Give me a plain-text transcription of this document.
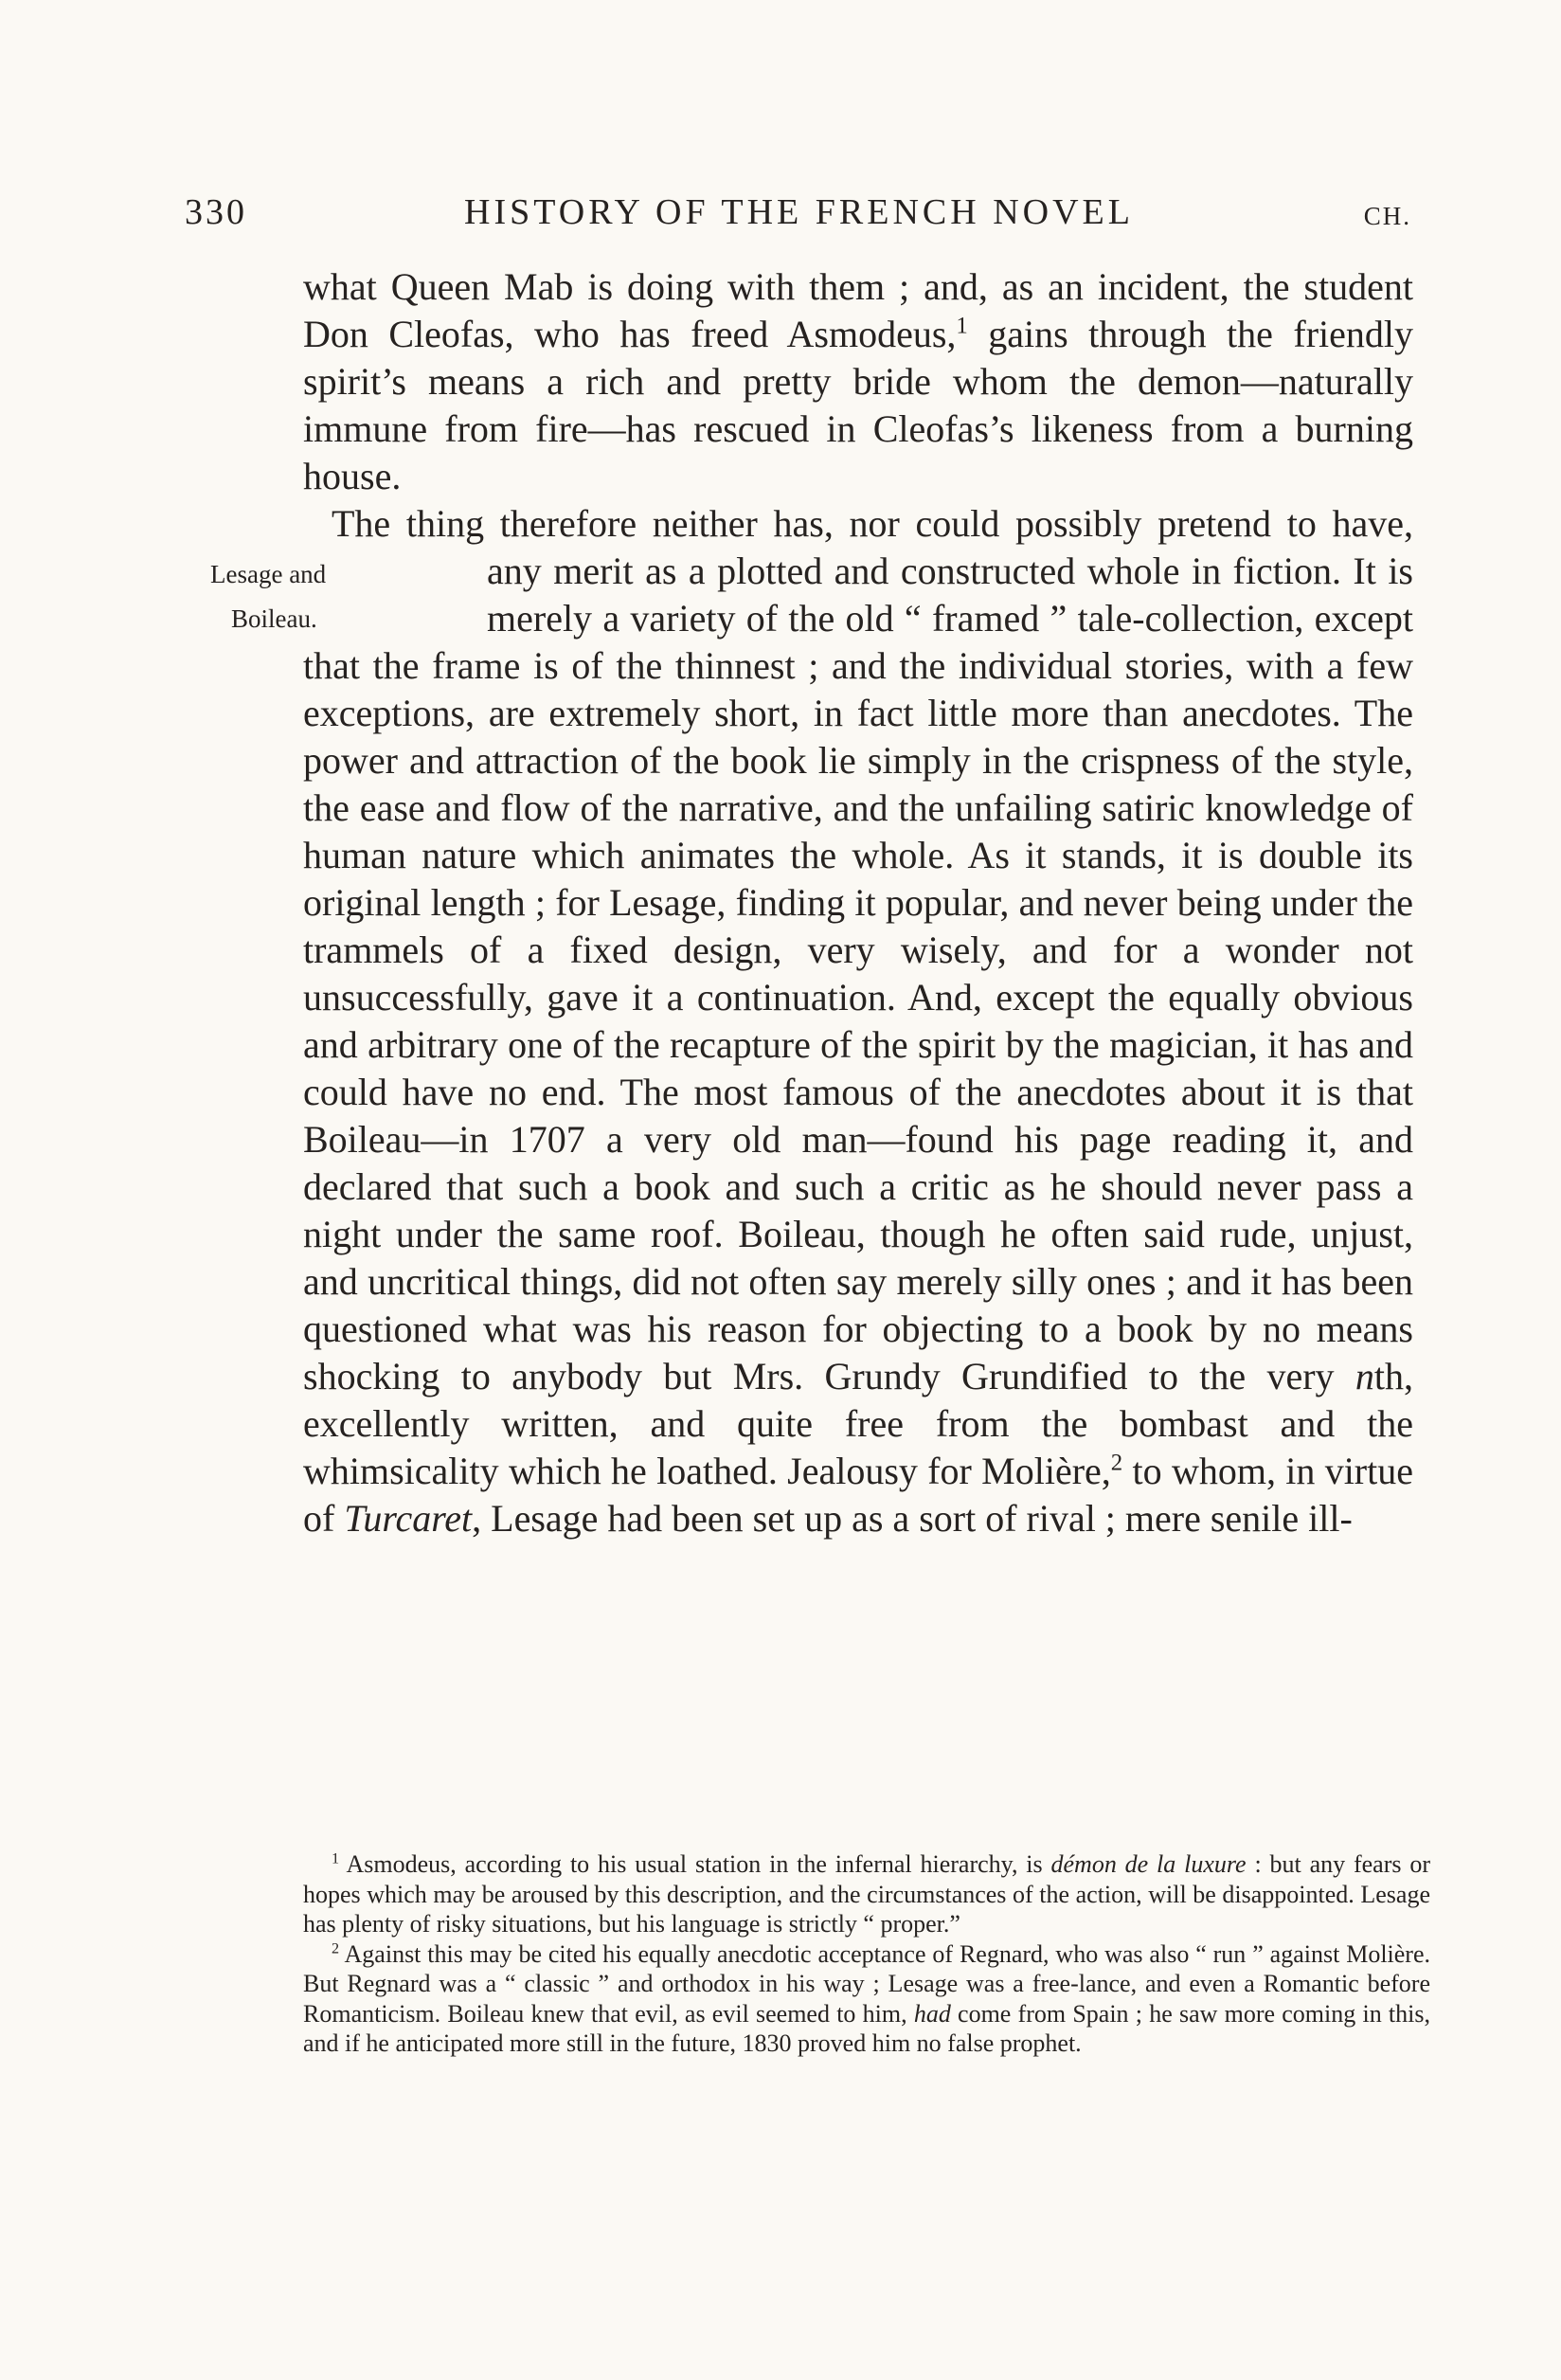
330	HISTORY OF THE FRENCH NOVEL	CH.

what Queen Mab is doing with them ; and, as an incident, the student Don Cleofas, who has freed Asmodeus,$^1$ gains through the friendly spirit’s means a rich and pretty bride whom the demon—naturally immune from fire—has rescued in Cleofas’s likeness from a burning house.

The thing therefore neither has, nor could possibly pretend to have, any merit as a plotted and constructed
Lesage and
Boileau.
whole in fiction. It is merely a variety of the old “ framed ” tale-collection, except that the frame is of the thinnest ; and the individual stories, with a few exceptions, are extremely short, in fact little more than anecdotes. The power and attraction of the book lie simply in the crispness of the style, the ease and flow of the narrative, and the unfailing satiric knowledge of human nature which animates the whole. As it stands, it is double its original length ; for Lesage, finding it popular, and never being under the trammels of a fixed design, very wisely, and for a wonder not unsuccessfully, gave it a continuation. And, except the equally obvious and arbitrary one of the recapture of the spirit by the magician, it has and could have no end. The most famous of the anecdotes about it is that Boileau—in 1707 a very old man—found his page reading it, and declared that such a book and such a critic as he should never pass a night under the same roof. Boileau, though he often said rude, unjust, and uncritical things, did not often say merely silly ones ; and it has been questioned what was his reason for objecting to a book by no means shocking to anybody but Mrs. Grundy Grundified to the very nth, excellently written, and quite free from the bombast and the whimsicality which he loathed. Jealousy for Molière,$^2$ to whom, in virtue of Turcaret, Lesage had been set up as a sort of rival ; mere senile ill-

$^1$ Asmodeus, according to his usual station in the infernal hierarchy, is démon de la luxure : but any fears or hopes which may be aroused by this description, and the circumstances of the action, will be disappointed. Lesage has plenty of risky situations, but his language is strictly “ proper.”

$^2$ Against this may be cited his equally anecdotic acceptance of Regnard, who was also “ run ” against Molière. But Regnard was a “ classic ” and orthodox in his way ; Lesage was a free-lance, and even a Romantic before Romanticism. Boileau knew that evil, as evil seemed to him, had come from Spain ; he saw more coming in this, and if he anticipated more still in the future, 1830 proved him no false prophet.
